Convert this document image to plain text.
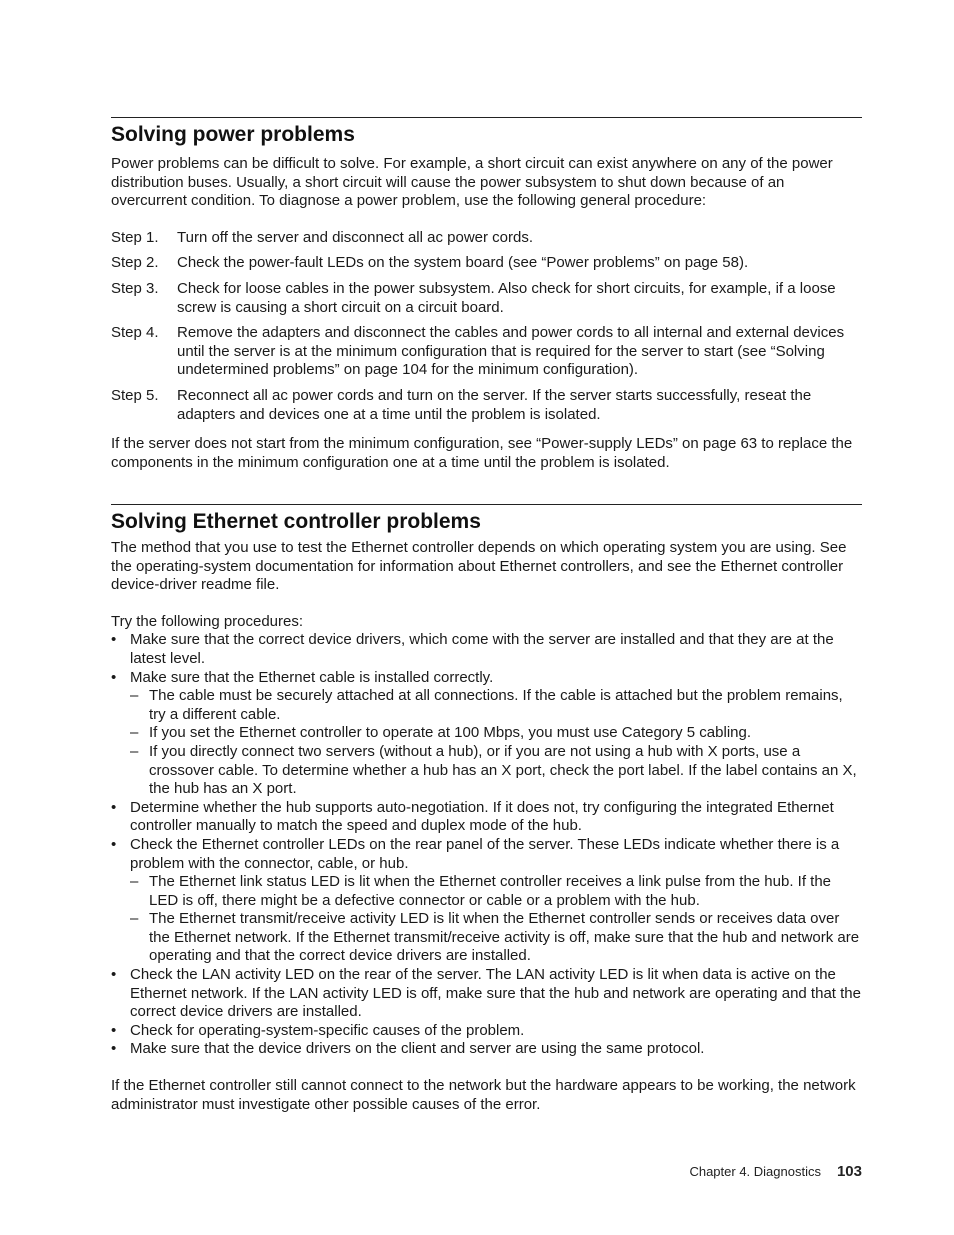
Solving power problems

Power problems can be difficult to solve. For example, a short circuit can exist anywhere on any of the power distribution buses. Usually, a short circuit will cause the power subsystem to shut down because of an overcurrent condition. To diagnose a power problem, use the following general procedure:

Step 1.	Turn off the server and disconnect all ac power cords.
Step 2.	Check the power-fault LEDs on the system board (see “Power problems” on page 58).
Step 3.	Check for loose cables in the power subsystem. Also check for short circuits, for example, if a loose screw is causing a short circuit on a circuit board.
Step 4.	Remove the adapters and disconnect the cables and power cords to all internal and external devices until the server is at the minimum configuration that is required for the server to start (see “Solving undetermined problems” on page 104 for the minimum configuration).
Step 5.	Reconnect all ac power cords and turn on the server. If the server starts successfully, reseat the adapters and devices one at a time until the problem is isolated.

If the server does not start from the minimum configuration, see “Power-supply LEDs” on page 63 to replace the components in the minimum configuration one at a time until the problem is isolated.

Solving Ethernet controller problems

The method that you use to test the Ethernet controller depends on which operating system you are using. See the operating-system documentation for information about Ethernet controllers, and see the Ethernet controller device-driver readme file.

Try the following procedures:

• Make sure that the correct device drivers, which come with the server are installed and that they are at the latest level.
• Make sure that the Ethernet cable is installed correctly.
– The cable must be securely attached at all connections. If the cable is attached but the problem remains, try a different cable.
– If you set the Ethernet controller to operate at 100 Mbps, you must use Category 5 cabling.
– If you directly connect two servers (without a hub), or if you are not using a hub with X ports, use a crossover cable. To determine whether a hub has an X port, check the port label. If the label contains an X, the hub has an X port.
• Determine whether the hub supports auto-negotiation. If it does not, try configuring the integrated Ethernet controller manually to match the speed and duplex mode of the hub.
• Check the Ethernet controller LEDs on the rear panel of the server. These LEDs indicate whether there is a problem with the connector, cable, or hub.
– The Ethernet link status LED is lit when the Ethernet controller receives a link pulse from the hub. If the LED is off, there might be a defective connector or cable or a problem with the hub.
– The Ethernet transmit/receive activity LED is lit when the Ethernet controller sends or receives data over the Ethernet network. If the Ethernet transmit/receive activity is off, make sure that the hub and network are operating and that the correct device drivers are installed.
• Check the LAN activity LED on the rear of the server. The LAN activity LED is lit when data is active on the Ethernet network. If the LAN activity LED is off, make sure that the hub and network are operating and that the correct device drivers are installed.
• Check for operating-system-specific causes of the problem.
• Make sure that the device drivers on the client and server are using the same protocol.

If the Ethernet controller still cannot connect to the network but the hardware appears to be working, the network administrator must investigate other possible causes of the error.

Chapter 4. Diagnostics 103
